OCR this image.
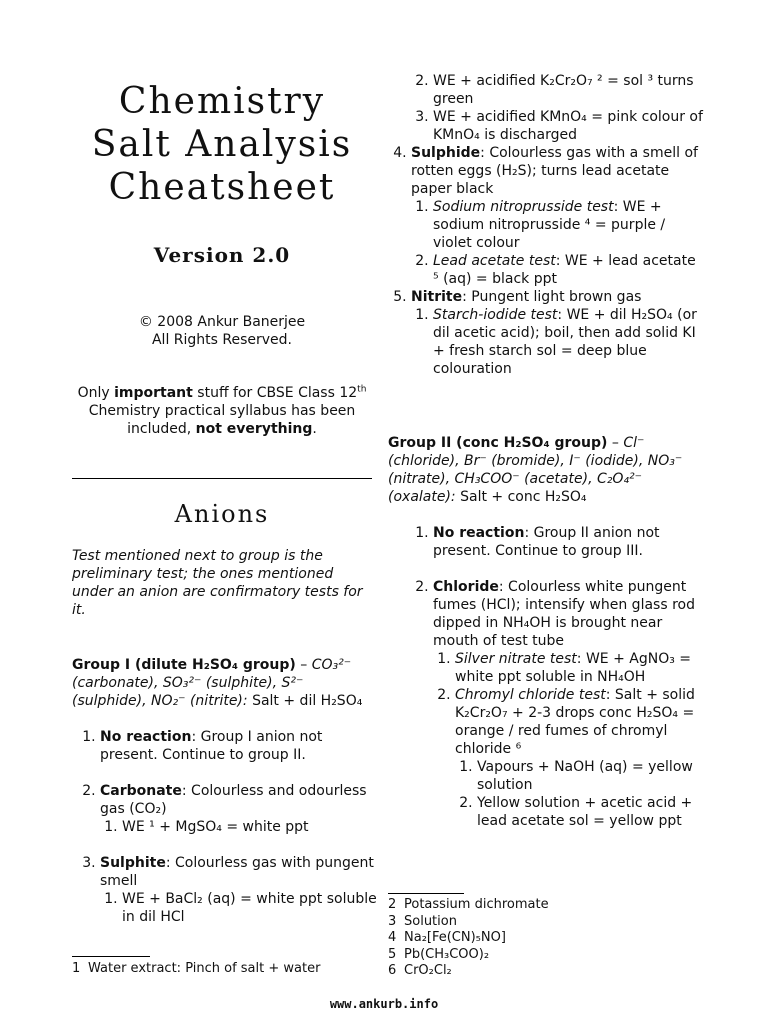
Chemistry
Salt Analysis
Cheatsheet
Version 2.0
© 2008 Ankur Banerjee
All Rights Reserved.
Only important stuff for CBSE Class 12th Chemistry practical syllabus has been included, not everything.
Anions
Test mentioned next to group is the preliminary test; the ones mentioned under an anion are confirmatory tests for it.
Group I (dilute H₂SO₄ group) – CO₃²⁻ (carbonate), SO₃²⁻ (sulphite), S²⁻ (sulphide), NO₂⁻ (nitrite): Salt + dil H₂SO₄
1. No reaction: Group I anion not present. Continue to group II.
2. Carbonate: Colourless and odourless gas (CO₂)
1. WE ¹ + MgSO₄ = white ppt
3. Sulphite: Colourless gas with pungent smell
1. WE + BaCl₂ (aq) = white ppt soluble in dil HCl
1 Water extract: Pinch of salt + water
2. WE + acidified K₂Cr₂O₇ ² = sol ³ turns green
3. WE + acidified KMnO₄ = pink colour of KMnO₄ is discharged
4. Sulphide: Colourless gas with a smell of rotten eggs (H₂S); turns lead acetate paper black
1. Sodium nitroprusside test: WE + sodium nitroprusside ⁴ = purple / violet colour
2. Lead acetate test: WE + lead acetate ⁵ (aq) = black ppt
5. Nitrite: Pungent light brown gas
1. Starch-iodide test: WE + dil H₂SO₄ (or dil acetic acid); boil, then add solid KI + fresh starch sol = deep blue colouration
Group II (conc H₂SO₄ group) – Cl⁻ (chloride), Br⁻ (bromide), I⁻ (iodide), NO₃⁻ (nitrate), CH₃COO⁻ (acetate), C₂O₄²⁻ (oxalate): Salt + conc H₂SO₄
1. No reaction: Group II anion not present. Continue to group III.
2. Chloride: Colourless white pungent fumes (HCl); intensify when glass rod dipped in NH₄OH is brought near mouth of test tube
1. Silver nitrate test: WE + AgNO₃ = white ppt soluble in NH₄OH
2. Chromyl chloride test: Salt + solid K₂Cr₂O₇ + 2-3 drops conc H₂SO₄ = orange / red fumes of chromyl chloride ⁶
1. Vapours + NaOH (aq) = yellow solution
2. Yellow solution + acetic acid + lead acetate sol = yellow ppt
2 Potassium dichromate
3 Solution
4 Na₂[Fe(CN)₅NO]
5 Pb(CH₃COO)₂
6 CrO₂Cl₂
www.ankurb.info
